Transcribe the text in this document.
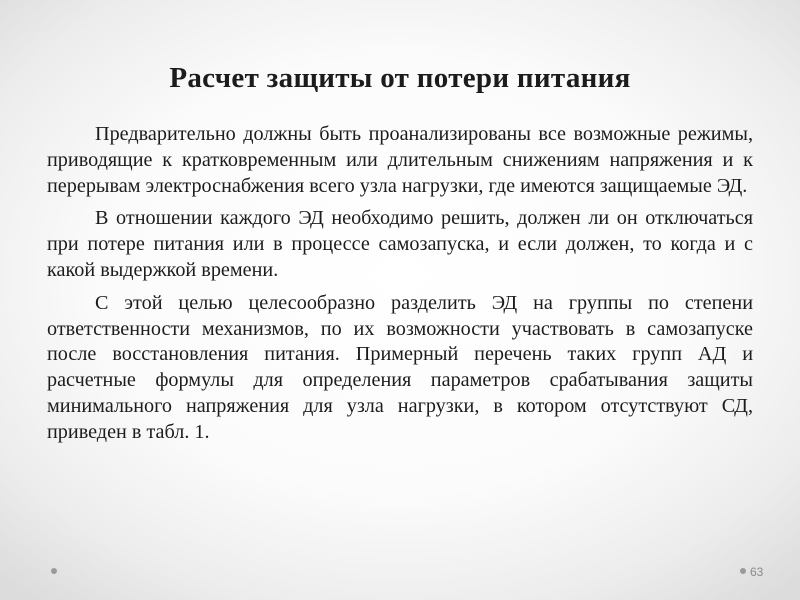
Расчет защиты от потери питания

Предварительно должны быть проанализированы все возможные режимы, приводящие к кратковременным или длительным снижениям напряжения и к перерывам электроснабжения всего узла нагрузки, где имеются защищаемые ЭД.

В отношении каждого ЭД необходимо решить, должен ли он отключаться при потере питания или в процессе самозапуска, и если должен, то когда и с какой выдержкой времени.

С этой целью целесообразно разделить ЭД на группы по степени ответственности механизмов, по их возможности участвовать в самозапуске после восстановления питания. Примерный перечень таких групп АД и расчетные формулы для определения параметров срабатывания защиты минимального напряжения для узла нагрузки, в котором отсутствуют СД, приведен в табл. 1.

63
